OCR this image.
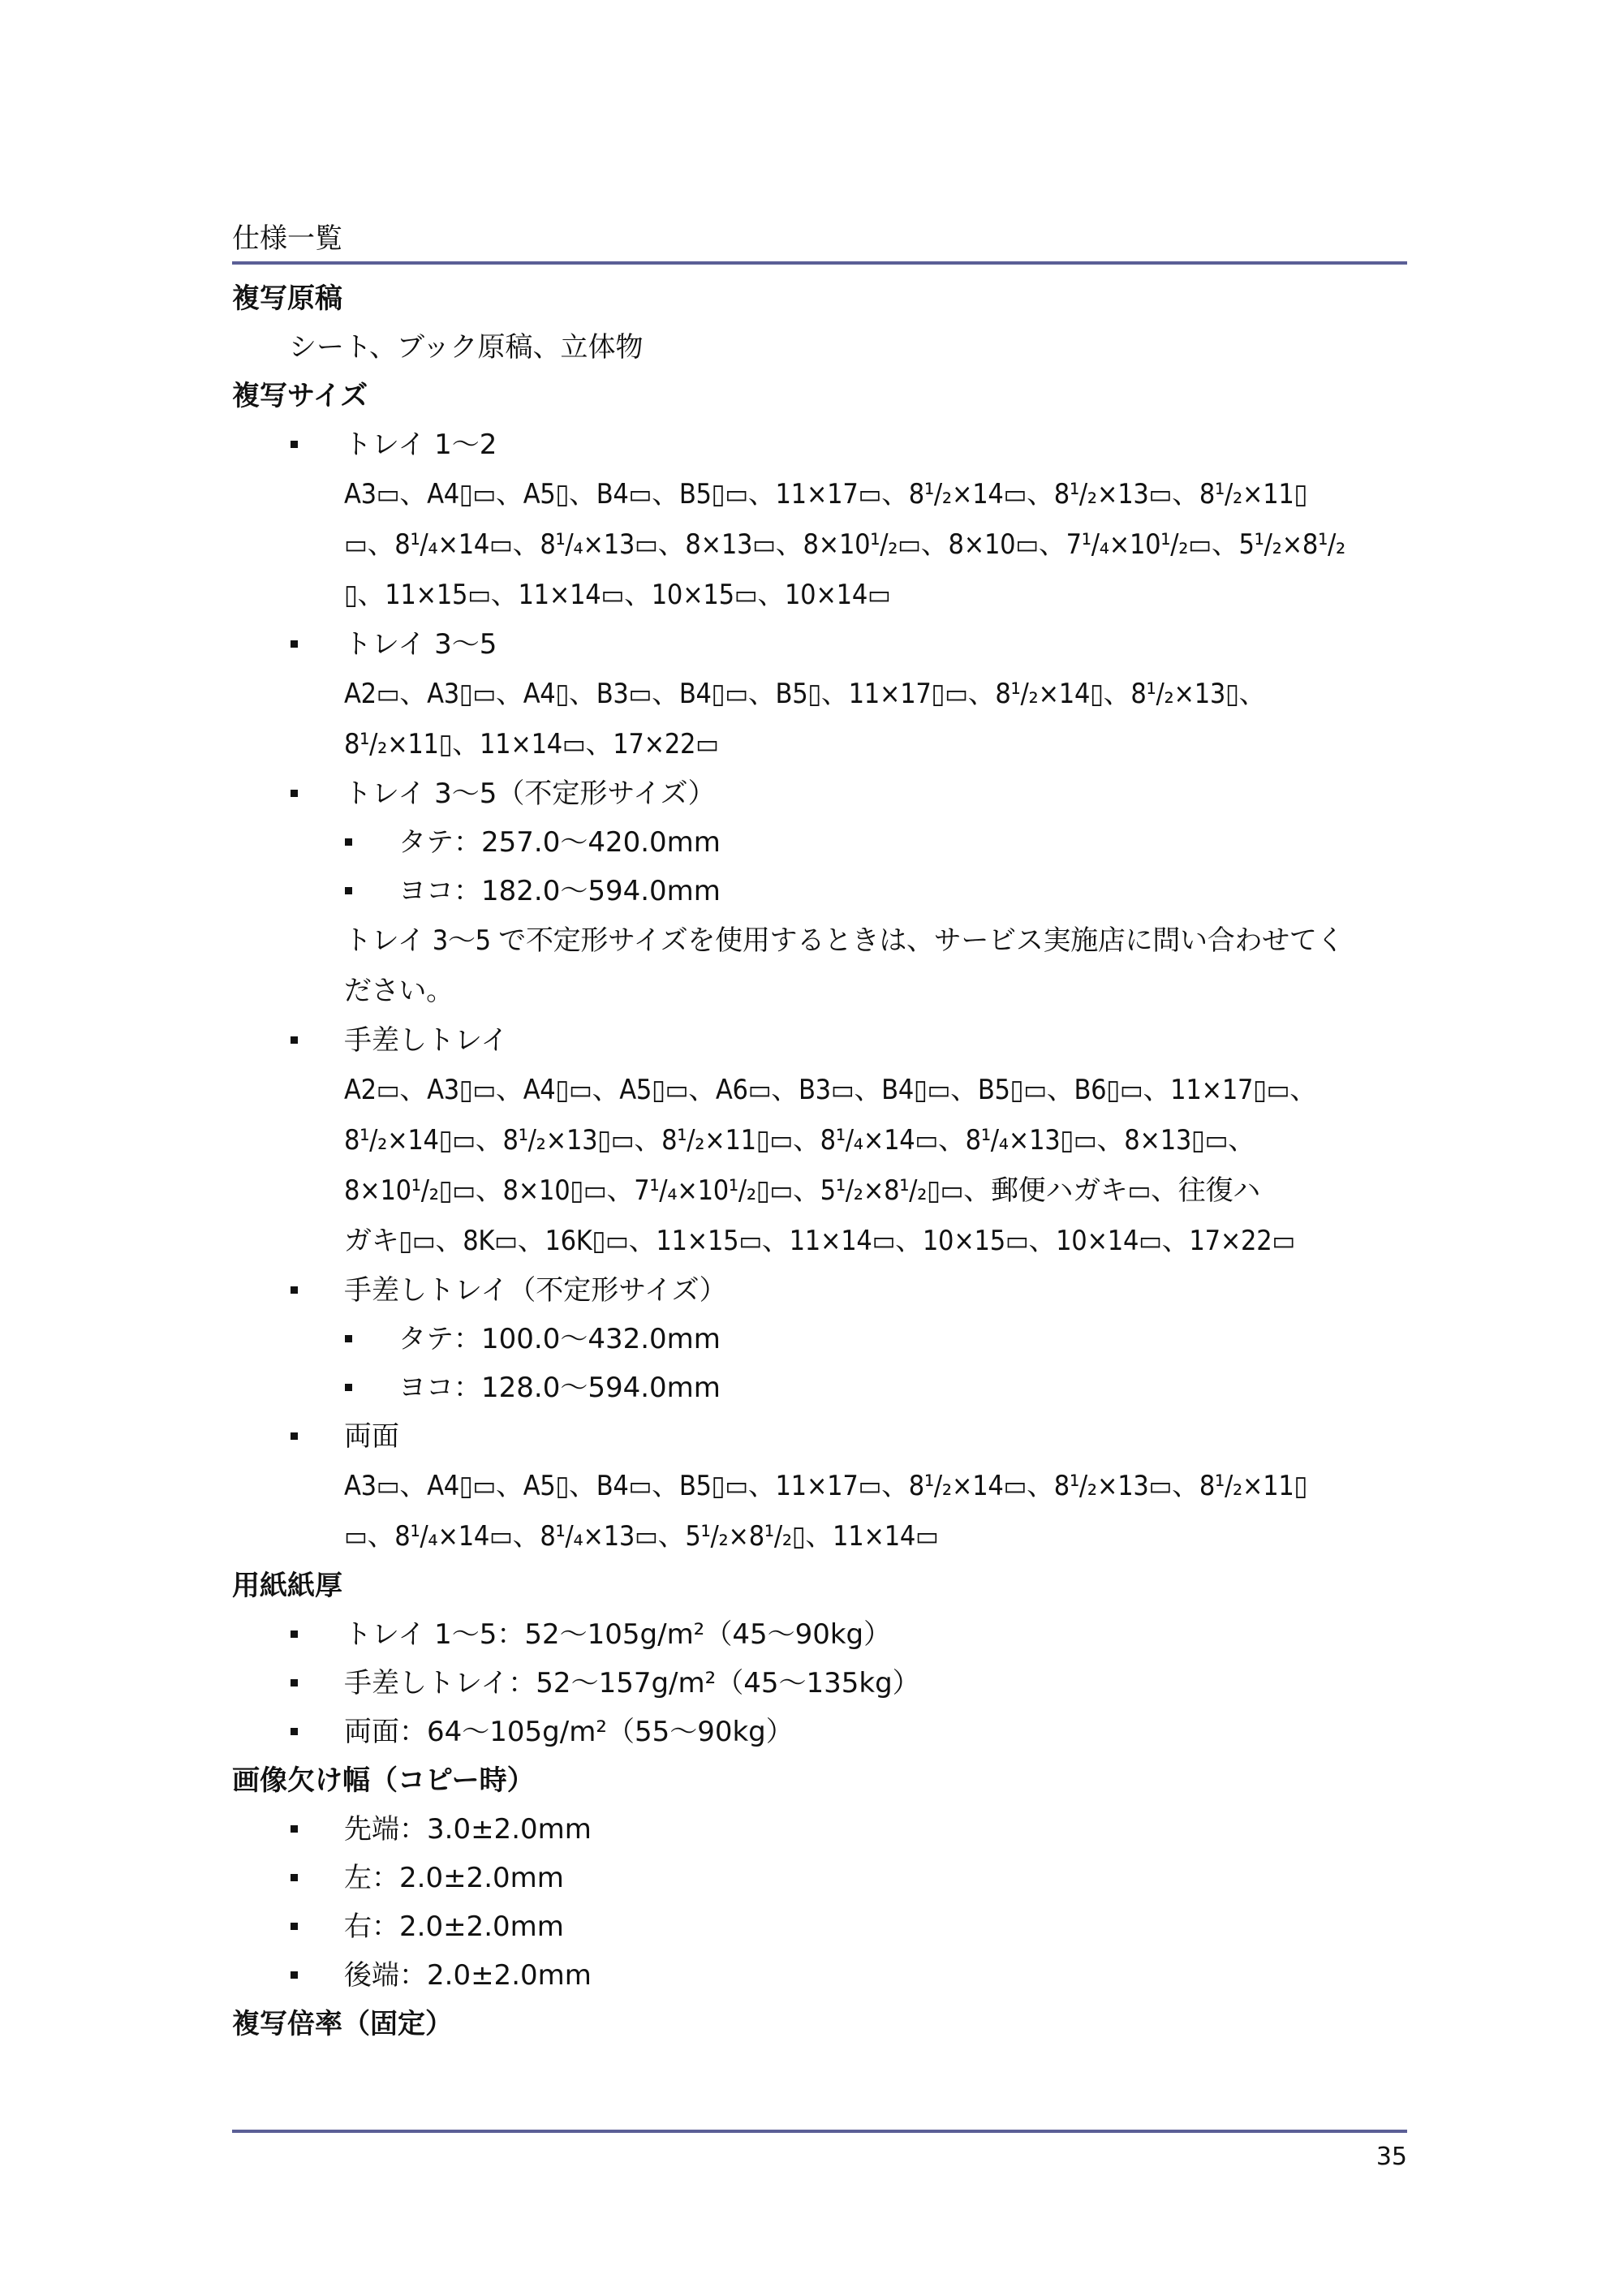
仕様一覧
複写原稿
シート、ブック原稿、立体物
複写サイズ
トレイ 1～2
A3▭、A4▯▭、A5▯、B4▭、B5▯▭、11×17▭、8¹/₂×14▭、8¹/₂×13▭、8¹/₂×11▯
▭、8¹/₄×14▭、8¹/₄×13▭、8×13▭、8×10¹/₂▭、8×10▭、7¹/₄×10¹/₂▭、5¹/₂×8¹/₂
▯、11×15▭、11×14▭、10×15▭、10×14▭
トレイ 3～5
A2▭、A3▯▭、A4▯、B3▭、B4▯▭、B5▯、11×17▯▭、8¹/₂×14▯、8¹/₂×13▯、
8¹/₂×11▯、11×14▭、17×22▭
トレイ 3～5（不定形サイズ）
タテ：257.0～420.0mm
ヨコ：182.0～594.0mm
トレイ 3～5 で不定形サイズを使用するときは、サービス実施店に問い合わせてく
ださい。
手差しトレイ
A2▭、A3▯▭、A4▯▭、A5▯▭、A6▭、B3▭、B4▯▭、B5▯▭、B6▯▭、11×17▯▭、
8¹/₂×14▯▭、8¹/₂×13▯▭、8¹/₂×11▯▭、8¹/₄×14▭、8¹/₄×13▯▭、8×13▯▭、
8×10¹/₂▯▭、8×10▯▭、7¹/₄×10¹/₂▯▭、5¹/₂×8¹/₂▯▭、郵便ハガキ▭、往復ハ
ガキ▯▭、8K▭、16K▯▭、11×15▭、11×14▭、10×15▭、10×14▭、17×22▭
手差しトレイ（不定形サイズ）
タテ：100.0～432.0mm
ヨコ：128.0～594.0mm
両面
A3▭、A4▯▭、A5▯、B4▭、B5▯▭、11×17▭、8¹/₂×14▭、8¹/₂×13▭、8¹/₂×11▯
▭、8¹/₄×14▭、8¹/₄×13▭、5¹/₂×8¹/₂▯、11×14▭
用紙紙厚
トレイ 1～5：52～105g/m²（45～90kg）
手差しトレイ：52～157g/m²（45～135kg）
両面：64～105g/m²（55～90kg）
画像欠け幅（コピー時）
先端：3.0±2.0mm
左：2.0±2.0mm
右：2.0±2.0mm
後端：2.0±2.0mm
複写倍率（固定）
35
